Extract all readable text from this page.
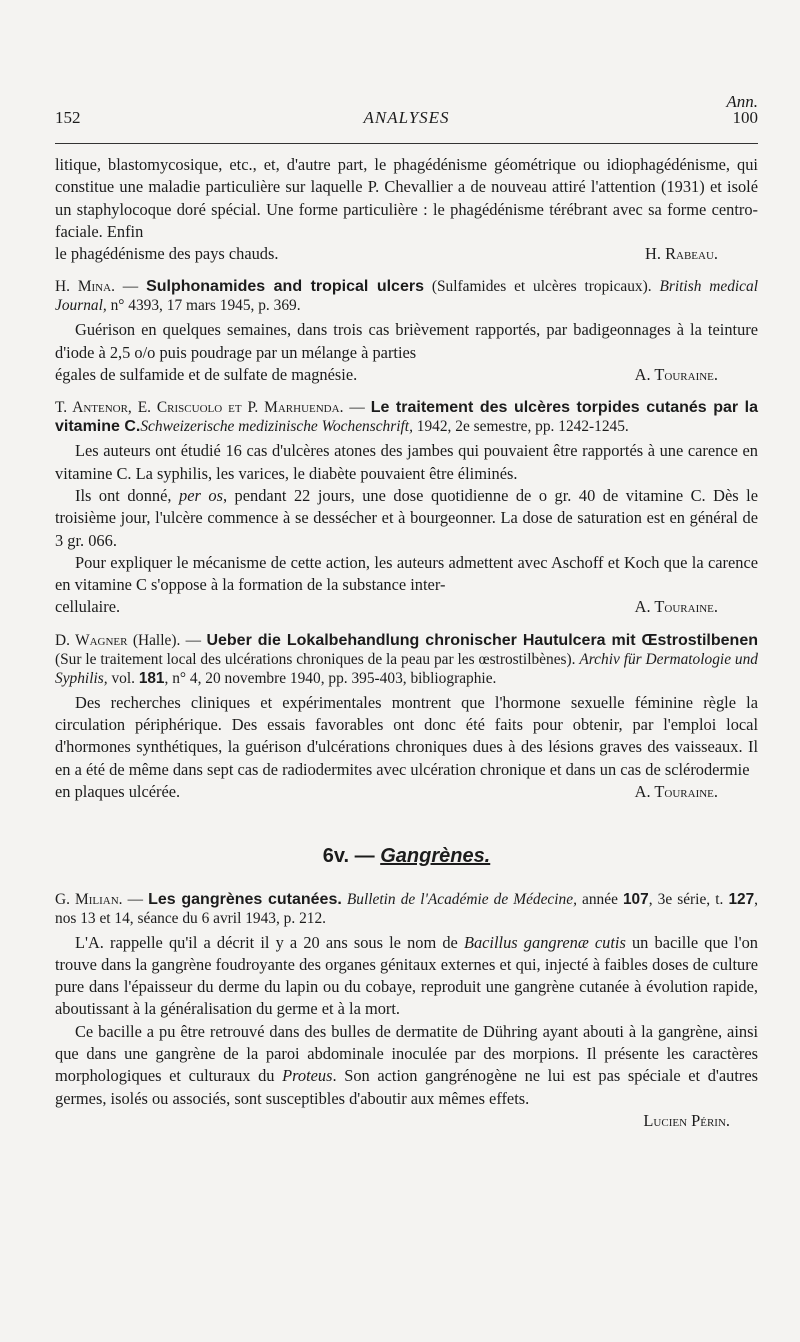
Ann.
152	ANALYSES	100

litique, blastomycosique, etc., et, d'autre part, le phagédénisme géométrique ou idiophagédénisme, qui constitue une maladie particulière sur laquelle P. Chevallier a de nouveau attiré l'attention (1931) et isolé un staphylocoque doré spécial. Une forme particulière : le phagédénisme térébrant avec sa forme centro-faciale. Enfin

le phagédénisme des pays chauds.	H. Rabeau.

H. Mina. — Sulphonamides and tropical ulcers (Sulfamides et ulcères tropicaux). British medical Journal, n° 4393, 17 mars 1945, p. 369.

Guérison en quelques semaines, dans trois cas brièvement rapportés, par badigeonnages à la teinture d'iode à 2,5 o/o puis poudrage par un mélange à parties

égales de sulfamide et de sulfate de magnésie.	A. Touraine.

T. Antenor, E. Criscuolo et P. Marhuenda. — Le traitement des ulcères torpides cutanés par la vitamine C.Schweizerische medizinische Wochenschrift, 1942, 2e semestre, pp. 1242-1245.

Les auteurs ont étudié 16 cas d'ulcères atones des jambes qui pouvaient être rapportés à une carence en vitamine C. La syphilis, les varices, le diabète pouvaient être éliminés.

Ils ont donné, per os, pendant 22 jours, une dose quotidienne de o gr. 40 de vitamine C. Dès le troisième jour, l'ulcère commence à se dessécher et à bourgeonner. La dose de saturation est en général de 3 gr. 066.

Pour expliquer le mécanisme de cette action, les auteurs admettent avec Aschoff et Koch que la carence en vitamine C s'oppose à la formation de la substance inter-

cellulaire.	A. Touraine.

D. Wagner (Halle). — Ueber die Lokalbehandlung chronischer Hautulcera mit Œstrostilbenen (Sur le traitement local des ulcérations chroniques de la peau par les œstrostilbènes). Archiv für Dermatologie und Syphilis, vol. 181, n° 4, 20 novembre 1940, pp. 395-403, bibliographie.

Des recherches cliniques et expérimentales montrent que l'hormone sexuelle féminine règle la circulation périphérique. Des essais favorables ont donc été faits pour obtenir, par l'emploi local d'hormones synthétiques, la guérison d'ulcérations chroniques dues à des lésions graves des vaisseaux. Il en a été de même dans sept cas de radiodermites avec ulcération chronique et dans un cas de sclérodermie

en plaques ulcérée.	A. Touraine.

6v. — Gangrènes.

G. Milian. — Les gangrènes cutanées. Bulletin de l'Académie de Médecine, année 107, 3e série, t. 127, nos 13 et 14, séance du 6 avril 1943, p. 212.

L'A. rappelle qu'il a décrit il y a 20 ans sous le nom de Bacillus gangrenæ cutis un bacille que l'on trouve dans la gangrène foudroyante des organes génitaux externes et qui, injecté à faibles doses de culture pure dans l'épaisseur du derme du lapin ou du cobaye, reproduit une gangrène cutanée à évolution rapide, aboutissant à la généralisation du germe et à la mort.

Ce bacille a pu être retrouvé dans des bulles de dermatite de Dühring ayant abouti à la gangrène, ainsi que dans une gangrène de la paroi abdominale inoculée par des morpions. Il présente les caractères morphologiques et culturaux du Proteus. Son action gangrénogène ne lui est pas spéciale et d'autres germes, isolés ou associés, sont susceptibles d'aboutir aux mêmes effets.

Lucien Périn.
